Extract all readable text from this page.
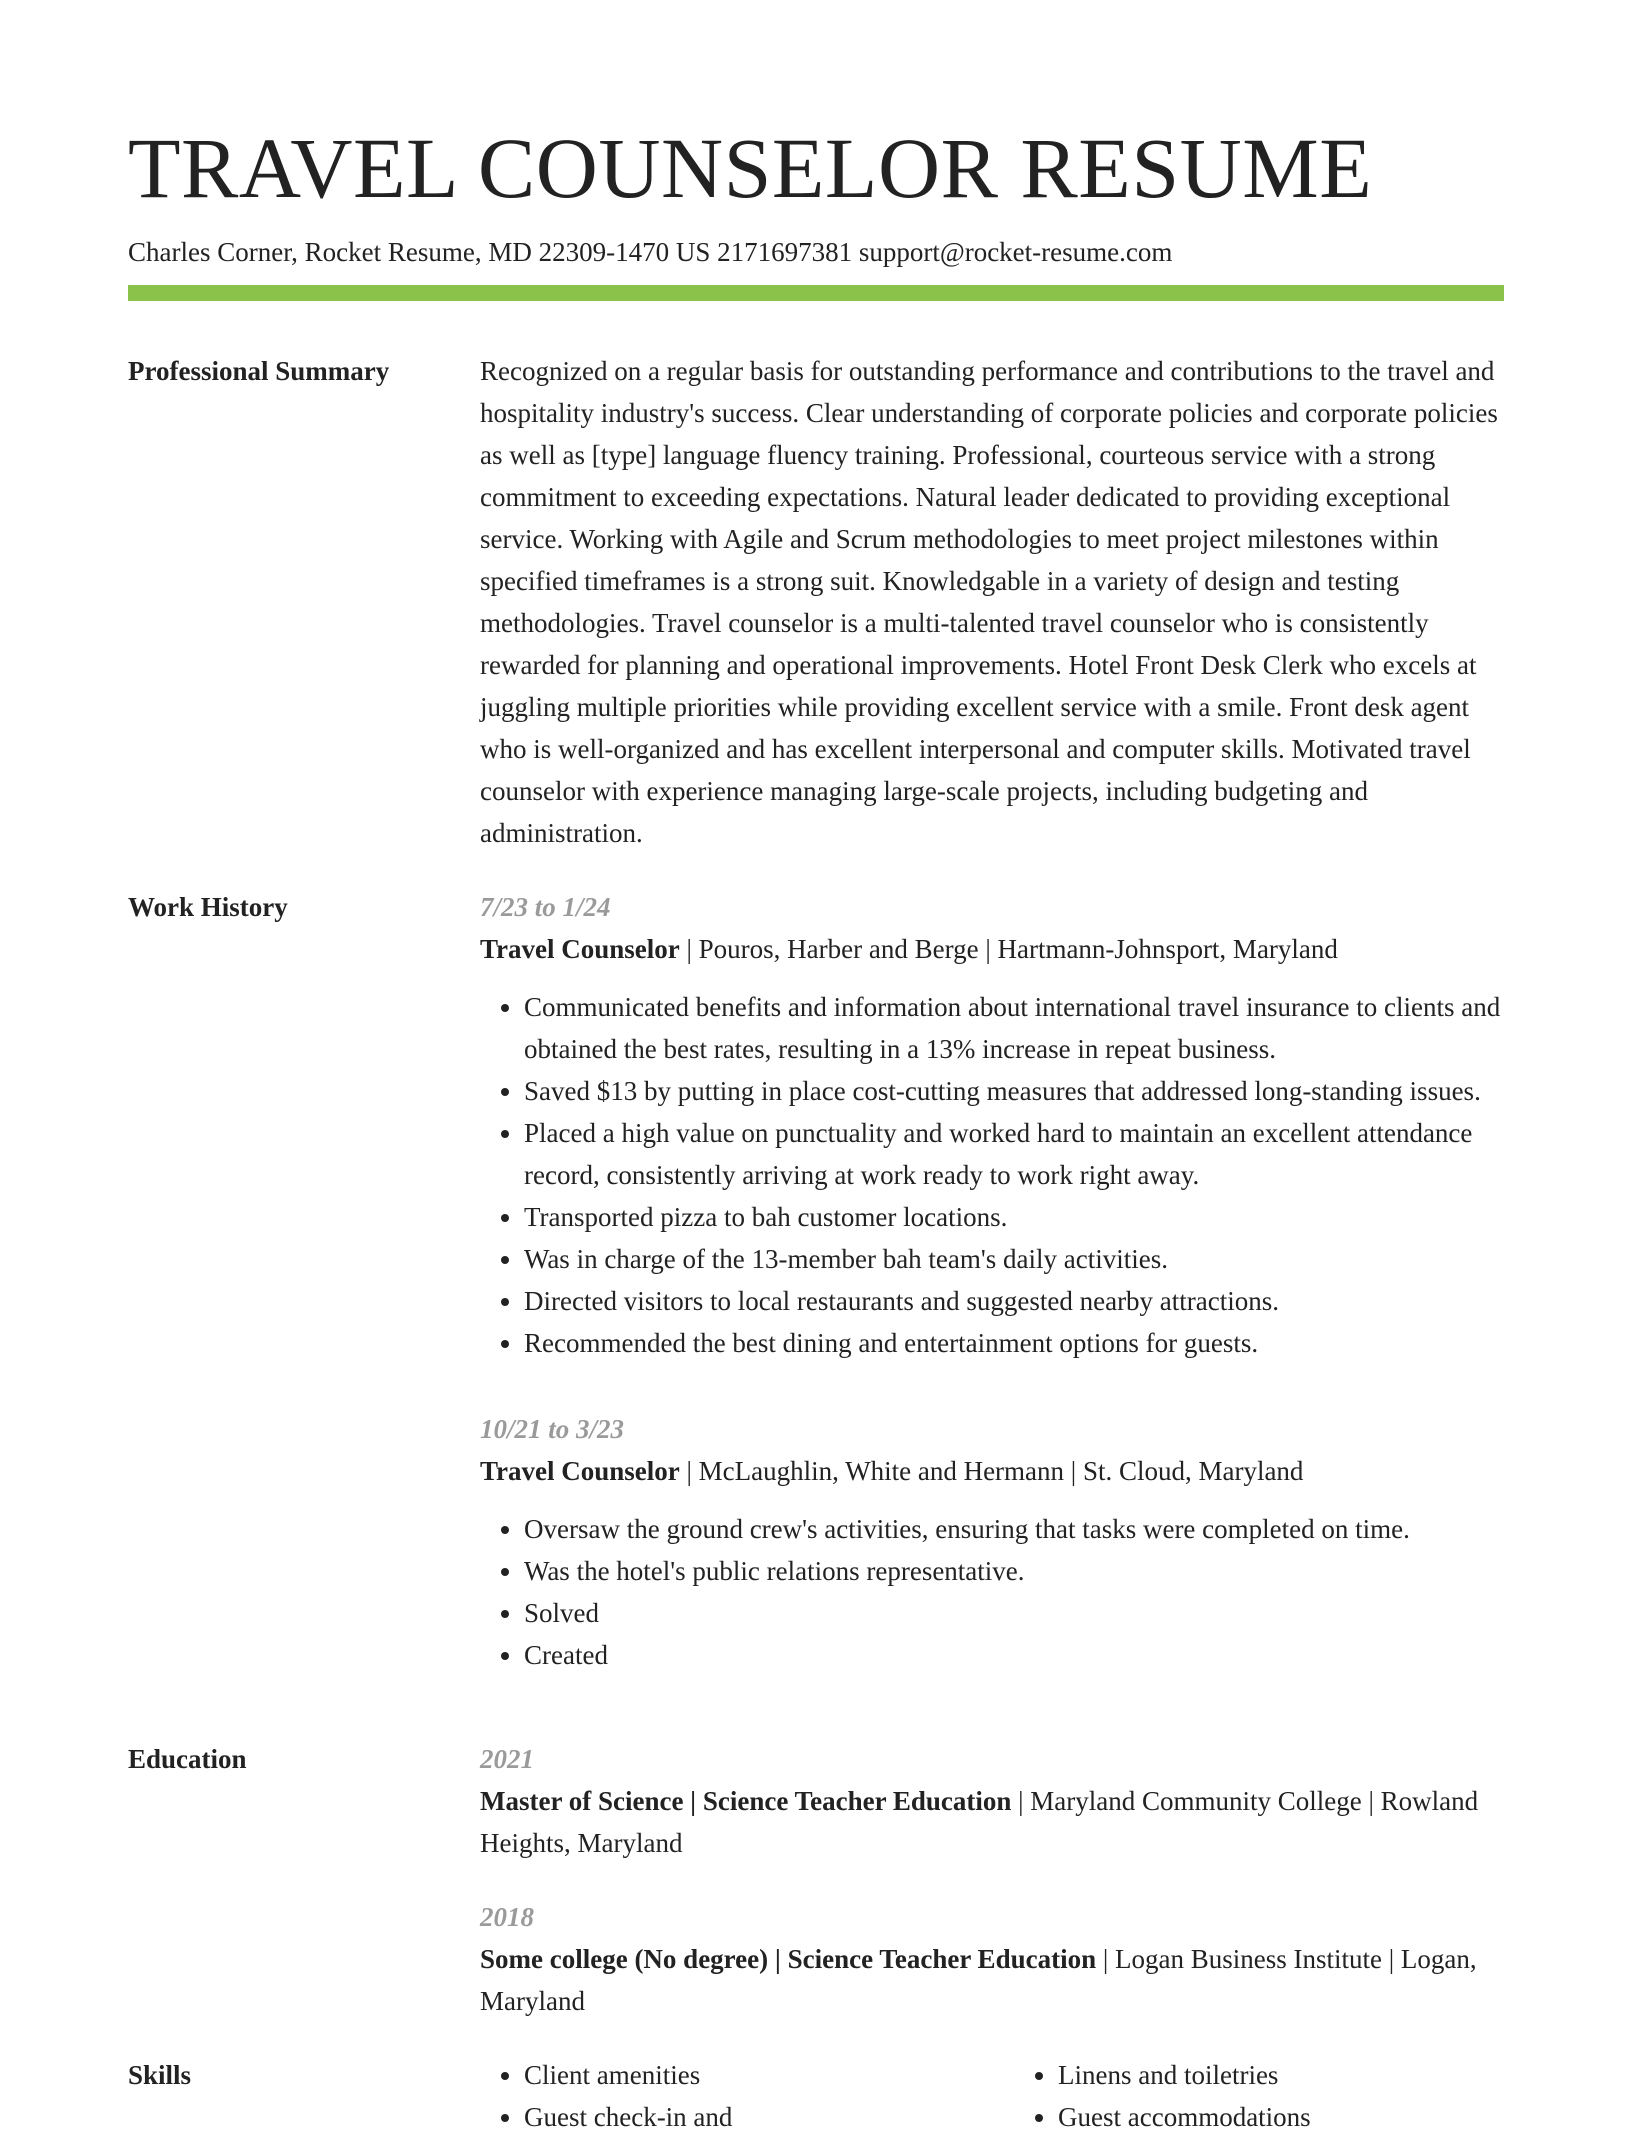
TRAVEL COUNSELOR RESUME
Charles Corner, Rocket Resume, MD 22309-1470 US 2171697381 support@rocket-resume.com
Professional Summary	Recognized on a regular basis for outstanding performance and contributions to the travel and hospitality industry's success. Clear understanding of corporate policies and corporate policies as well as [type] language fluency training. Professional, courteous service with a strong commitment to exceeding expectations. Natural leader dedicated to providing exceptional service. Working with Agile and Scrum methodologies to meet project milestones within specified timeframes is a strong suit. Knowledgable in a variety of design and testing methodologies. Travel counselor is a multi-talented travel counselor who is consistently rewarded for planning and operational improvements. Hotel Front Desk Clerk who excels at juggling multiple priorities while providing excellent service with a smile. Front desk agent who is well-organized and has excellent interpersonal and computer skills. Motivated travel counselor with experience managing large-scale projects, including budgeting and administration.

Work History	7/23 to 1/24
Travel Counselor | Pouros, Harber and Berge | Hartmann-Johnsport, Maryland
• Communicated benefits and information about international travel insurance to clients and obtained the best rates, resulting in a 13% increase in repeat business.
• Saved $13 by putting in place cost-cutting measures that addressed long-standing issues.
• Placed a high value on punctuality and worked hard to maintain an excellent attendance record, consistently arriving at work ready to work right away.
• Transported pizza to bah customer locations.
• Was in charge of the 13-member bah team's daily activities.
• Directed visitors to local restaurants and suggested nearby attractions.
• Recommended the best dining and entertainment options for guests.
10/21 to 3/23
Travel Counselor | McLaughlin, White and Hermann | St. Cloud, Maryland
• Oversaw the ground crew's activities, ensuring that tasks were completed on time.
• Was the hotel's public relations representative.
• Solved
• Created
Education	2021
Master of Science | Science Teacher Education | Maryland Community College | Rowland Heights, Maryland
2018
Some college (No degree) | Science Teacher Education | Logan Business Institute | Logan, Maryland
Skills
•	Client amenities
• Guest check-in and
• Linens and toiletries
• Guest accommodations
